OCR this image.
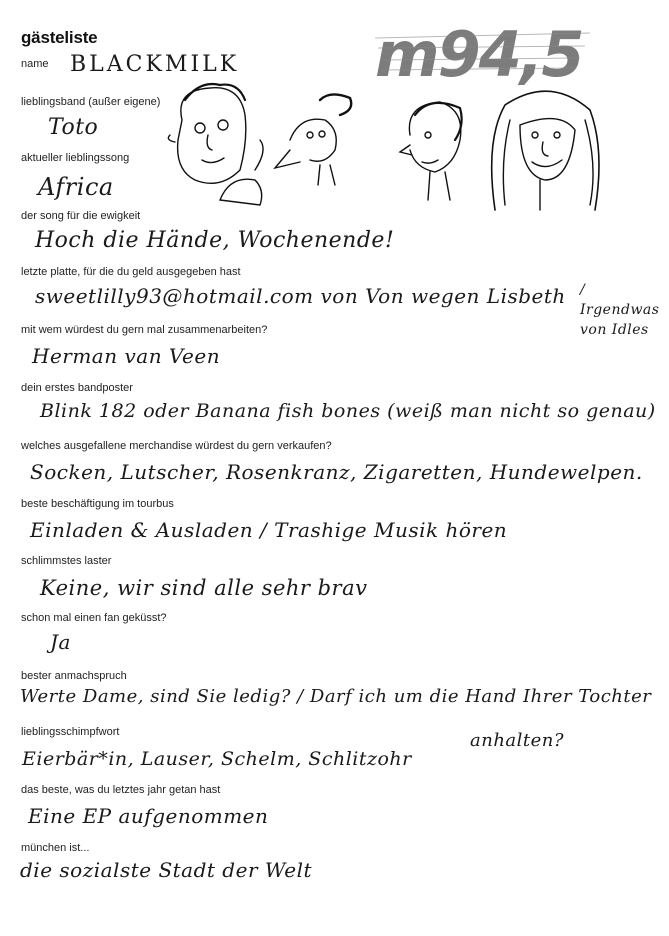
gästeliste	m94,5
name BLACKMILK
lieblingsband (außer eigene)
Toto
aktueller lieblingssong
Africa
der song für die ewigkeit
Hoch die Hände, Wochenende!
letzte platte, für die du geld ausgegeben hast
sweetlilly93@hotmail.com von Von wegen Lisbeth / Irgendwas von Idles
mit wem würdest du gern mal zusammenarbeiten?
Herman van Veen
dein erstes bandposter
Blink 182 oder Banana fish bones (weiß man nicht so genau)
welches ausgefallene merchandise würdest du gern verkaufen?
Socken, Lutscher, Rosenkranz, Zigaretten, Hundewelpen.
beste beschäftigung im tourbus
Einladen & Ausladen / Trashige Musik hören
schlimmstes laster
Keine, wir sind alle sehr brav
schon mal einen fan geküsst?
Ja
bester anmachspruch
Werte Dame, sind Sie ledig? / Darf ich um die Hand Ihrer Tochter
anhalten?
lieblingsschimpfwort
Eierbär*in, Lauser, Schelm, Schlitzohr
das beste, was du letztes jahr getan hast
Eine EP aufgenommen
münchen ist...
die sozialste Stadt der Welt
